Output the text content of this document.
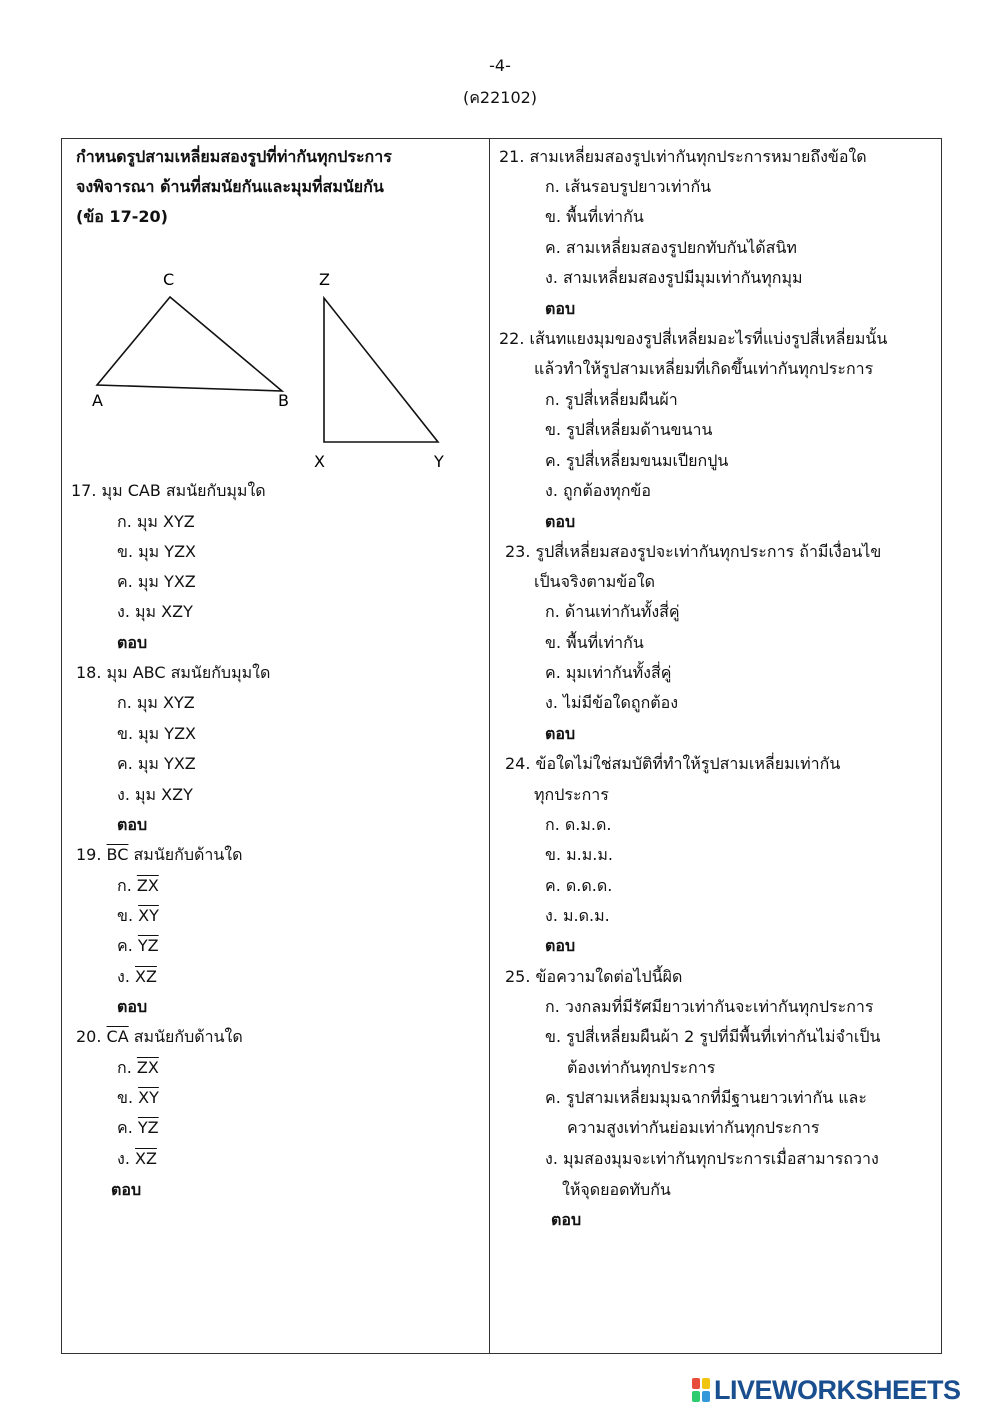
-4-
(ค22102)
กำหนดรูปสามเหลี่ยมสองรูปที่ท่ากันทุกประการ
จงพิจารณา ด้านที่สมนัยกันและมุมที่สมนัยกัน
(ข้อ 17-20)
C
A	B
Z
X	Y
17. มุม CAB สมนัยกับมุมใด
ก. มุม XYZ
ข. มุม YZX
ค. มุม YXZ
ง. มุม XZY
ตอบ
18. มุม ABC สมนัยกับมุมใด
ก. มุม XYZ
ข. มุม YZX
ค. มุม YXZ
ง. มุม XZY
ตอบ
19. $\overline{BC}$ สมนัยกับด้านใด
ก. $\overline{ZX}$
ข. $\overline{XY}$
ค. $\overline{YZ}$
ง. $\overline{XZ}$
ตอบ
20. $\overline{CA}$ สมนัยกับด้านใด
ก. $\overline{ZX}$
ข. $\overline{XY}$
ค. $\overline{YZ}$
ง. $\overline{XZ}$
ตอบ
21. สามเหลี่ยมสองรูปเท่ากันทุกประการหมายถึงข้อใด
ก. เส้นรอบรูปยาวเท่ากัน
ข. พื้นที่เท่ากัน
ค. สามเหลี่ยมสองรูปยกทับกันได้สนิท
ง. สามเหลี่ยมสองรูปมีมุมเท่ากันทุกมุม
ตอบ
22. เส้นทแยงมุมของรูปสี่เหลี่ยมอะไรที่แบ่งรูปสี่เหลี่ยมนั้น
แล้วทำให้รูปสามเหลี่ยมที่เกิดขึ้นเท่ากันทุกประการ
ก. รูปสี่เหลี่ยมผืนผ้า
ข. รูปสี่เหลี่ยมด้านขนาน
ค. รูปสี่เหลี่ยมขนมเปียกปูน
ง. ถูกต้องทุกข้อ
ตอบ
23. รูปสี่เหลี่ยมสองรูปจะเท่ากันทุกประการ ถ้ามีเงื่อนไข
เป็นจริงตามข้อใด
ก. ด้านเท่ากันทั้งสี่คู่
ข. พื้นที่เท่ากัน
ค. มุมเท่ากันทั้งสี่คู่
ง. ไม่มีข้อใดถูกต้อง
ตอบ
24. ข้อใดไม่ใช่สมบัติที่ทำให้รูปสามเหลี่ยมเท่ากัน
ทุกประการ
ก. ด.ม.ด.
ข. ม.ม.ม.
ค. ด.ด.ด.
ง. ม.ด.ม.
ตอบ
25. ข้อความใดต่อไปนี้ผิด
ก. วงกลมที่มีรัศมียาวเท่ากันจะเท่ากันทุกประการ
ข. รูปสี่เหลี่ยมผืนผ้า 2 รูปที่มีพื้นที่เท่ากันไม่จำเป็น
ต้องเท่ากันทุกประการ
ค. รูปสามเหลี่ยมมุมฉากที่มีฐานยาวเท่ากัน และ
ความสูงเท่ากันย่อมเท่ากันทุกประการ
ง. มุมสองมุมจะเท่ากันทุกประการเมื่อสามารถวาง
ให้จุดยอดทับกัน
ตอบ
LIVEWORKSHEETS
